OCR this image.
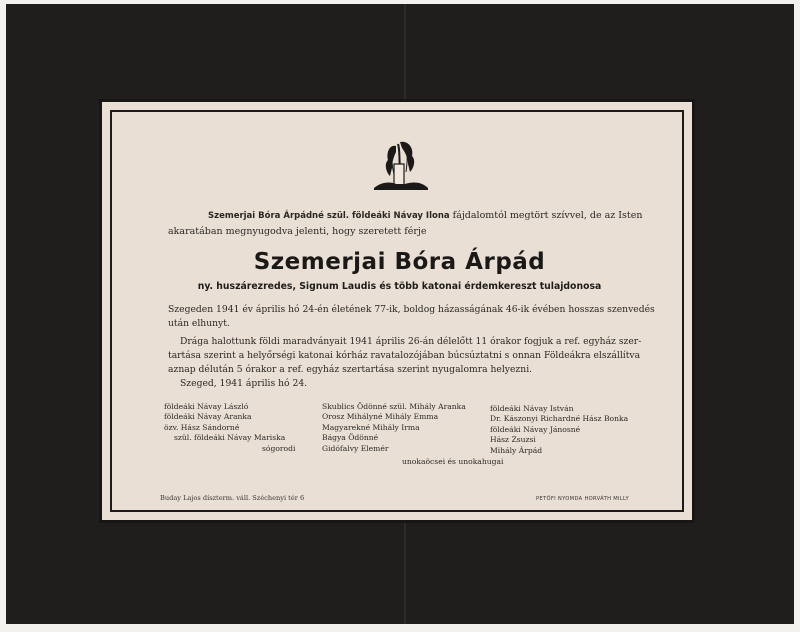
Szemerjai Bóra Árpádné szül. földeáki Návay Ilona fájdalomtól megtört szívvel, de az Isten
akaratában megnyugodva jelenti, hogy szeretett férje
Szemerjai Bóra Árpád
ny. huszárezredes, Signum Laudis és több katonai érdemkereszt tulajdonosa
Szegeden 1941 év április hó 24-én életének 77-ik, boldog házasságának 46-ik évében hosszas szenvedés
után elhunyt.
Drága halottunk földi maradványait 1941 április 26-án délelőtt 11 órakor fogjuk a ref. egyház szer-
tartása szerint a helyőrségi katonai kórház ravatalozójában búcsúztatni s onnan Földeákra elszállítva
aznap délután 5 órakor a ref. egyház szertartása szerint nyugalomra helyezni.
Szeged, 1941 április hó 24.
földeáki Návay László
földeáki Návay Aranka
özv. Hász Sándorné
szül. földeáki Návay Mariska
sógorodi
Skublics Ödönné szül. Mihály Aranka
Orosz Mihályné Mihály Emma
Magyarekné Mihály Irma
Bágya Ödönné
Gidófalvy Elemér
földeáki Návay István
Dr. Kászonyi Richardné Hász Bonka
földeáki Návay Jánosné
Hász Zsuzsi
Mihály Árpád
unokaöcsei és unokahugai
Buday Lajos díszterm. váll. Széchenyi tér 6	PETŐFI NYOMDA HORVÁTH MILLY
